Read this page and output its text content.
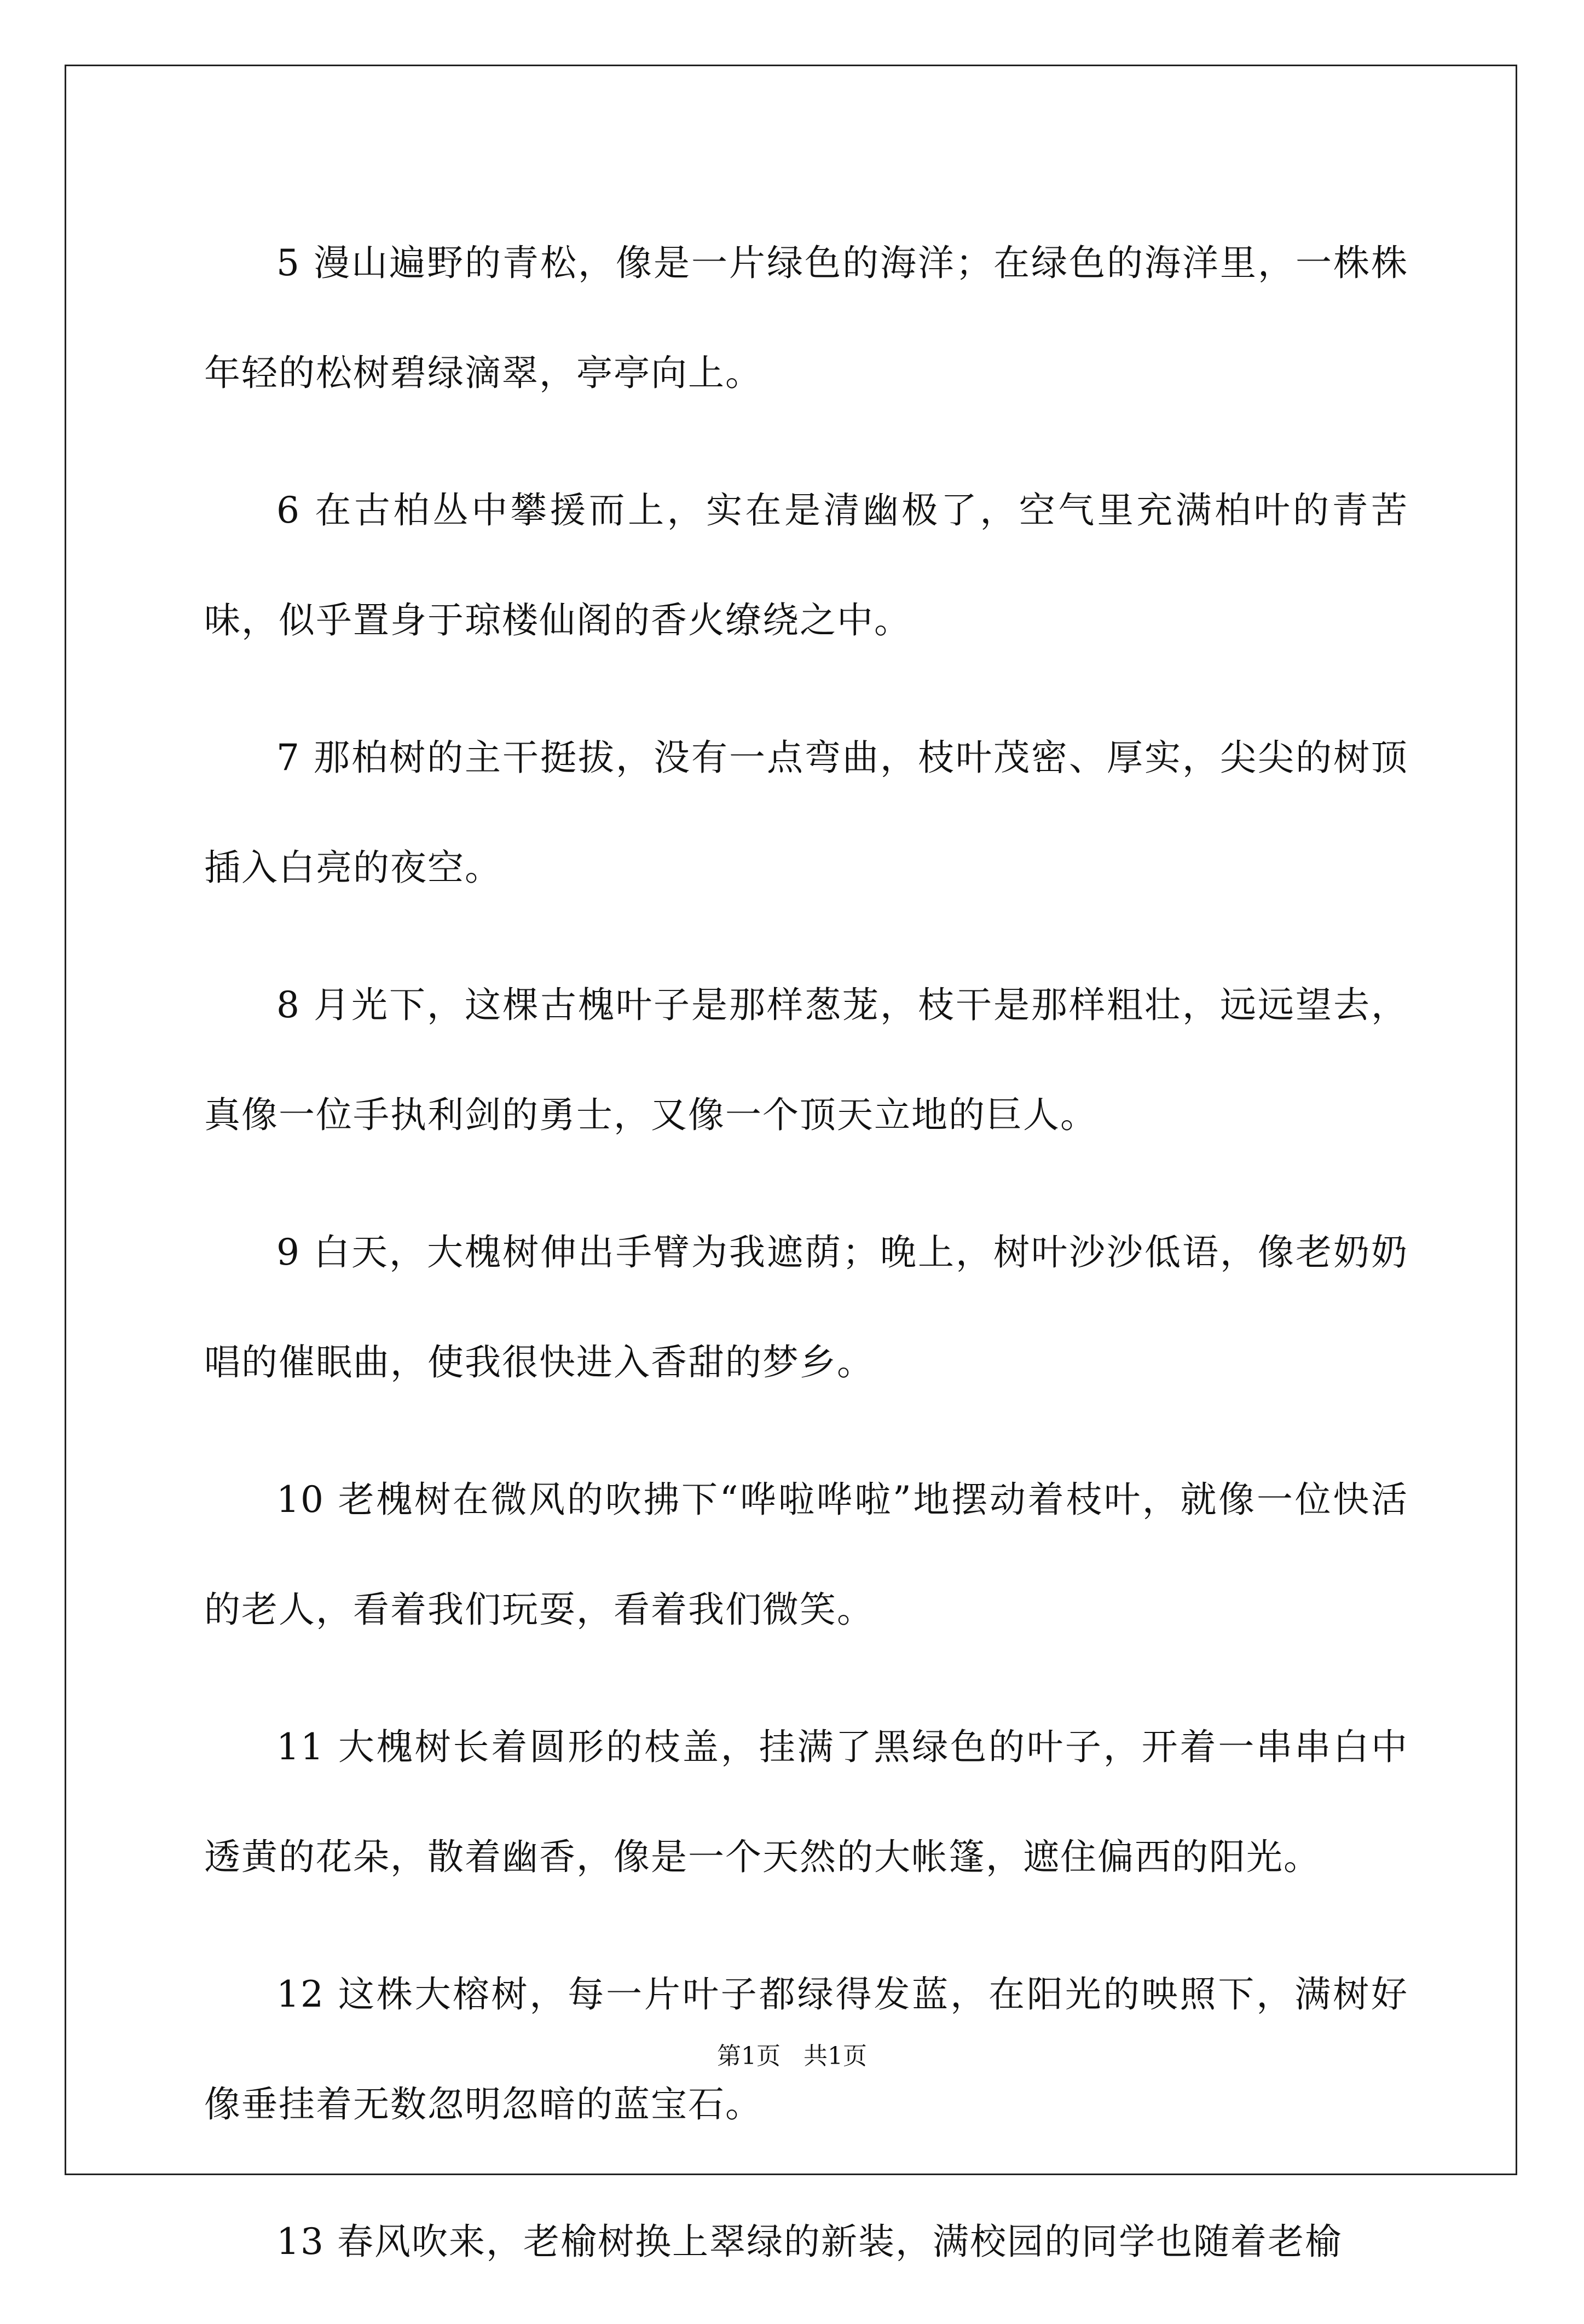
5 漫山遍野的青松，像是一片绿色的海洋；在绿色的海洋里，一株株年轻的松树碧绿滴翠，亭亭向上。

6 在古柏丛中攀援而上，实在是清幽极了，空气里充满柏叶的青苦味，似乎置身于琼楼仙阁的香火缭绕之中。

7 那柏树的主干挺拔，没有一点弯曲，枝叶茂密、厚实，尖尖的树顶插入白亮的夜空。

8 月光下，这棵古槐叶子是那样葱茏，枝干是那样粗壮，远远望去，真像一位手执利剑的勇士，又像一个顶天立地的巨人。

9 白天，大槐树伸出手臂为我遮荫；晚上，树叶沙沙低语，像老奶奶唱的催眠曲，使我很快进入香甜的梦乡。

10 老槐树在微风的吹拂下“哗啦哗啦”地摆动着枝叶，就像一位快活的老人，看着我们玩耍，看着我们微笑。

11 大槐树长着圆形的枝盖，挂满了黑绿色的叶子，开着一串串白中透黄的花朵，散着幽香，像是一个天然的大帐篷，遮住偏西的阳光。

12 这株大榕树，每一片叶子都绿得发蓝，在阳光的映照下，满树好像垂挂着无数忽明忽暗的蓝宝石。

13 春风吹来，老榆树换上翠绿的新装，满校园的同学也随着老榆

第1页 共1页
